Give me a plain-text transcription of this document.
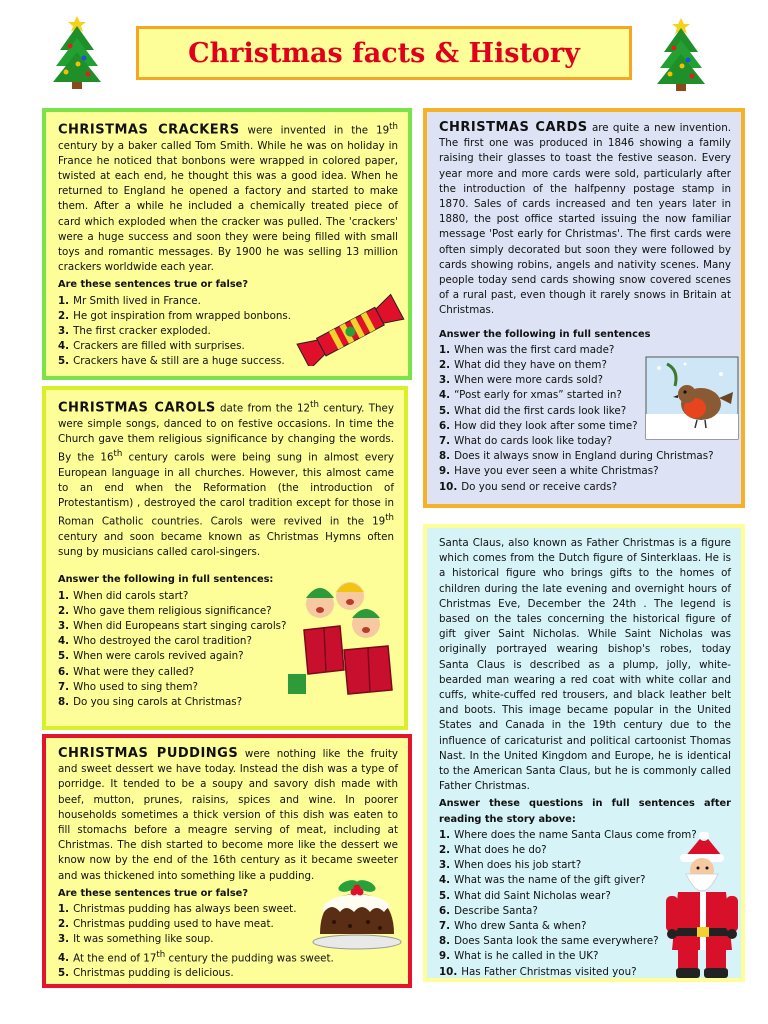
Christmas facts & History

CHRISTMAS CRACKERS were invented in the 19th century by a baker called Tom Smith. While he was on holiday in France he noticed that bonbons were wrapped in colored paper, twisted at each end, he thought this was a good idea. When he returned to England he opened a factory and started to make them. After a while he included a chemically treated piece of card which exploded when the cracker was pulled. The 'crackers' were a huge success and soon they were being filled with small toys and romantic messages. By 1900 he was selling 13 million crackers worldwide each year.

Are these sentences true or false?
1. Mr Smith lived in France.
2. He got inspiration from wrapped bonbons.
3. The first cracker exploded.
4. Crackers are filled with surprises.
5. Crackers have & still are a huge success.

CHRISTMAS CARDS are quite a new invention. The first one was produced in 1846 showing a family raising their glasses to toast the festive season. Every year more and more cards were sold, particularly after the introduction of the halfpenny postage stamp in 1870. Sales of cards increased and ten years later in 1880, the post office started issuing the now familiar message 'Post early for Christmas'. The first cards were often simply decorated but soon they were followed by cards showing robins, angels and nativity scenes. Many people today send cards showing snow covered scenes of a rural past, even though it rarely snows in Britain at Christmas.

Answer the following in full sentences
1. When was the first card made?
2. What did they have on them?
3. When were more cards sold?
4. “Post early for xmas” started in?
5. What did the first cards look like?
6. How did they look after some time?
7. What do cards look like today?
8. Does it always snow in England during Christmas?
9. Have you ever seen a white Christmas?
10. Do you send or receive cards?

CHRISTMAS CAROLS date from the 12th century. They were simple songs, danced to on festive occasions. In time the Church gave them religious significance by changing the words. By the 16th century carols were being sung in almost every European language in all churches. However, this almost came to an end when the Reformation (the introduction of Protestantism) , destroyed the carol tradition except for those in Roman Catholic countries. Carols were revived in the 19th century and soon became known as Christmas Hymns often sung by musicians called carol-singers.

Answer the following in full sentences:
1. When did carols start?
2. Who gave them religious significance?
3. When did Europeans start singing carols?
4. Who destroyed the carol tradition?
5. When were carols revived again?
6. What were they called?
7. Who used to sing them?
8. Do you sing carols at Christmas?

Santa Claus, also known as Father Christmas is a figure which comes from the Dutch figure of Sinterklaas. He is a historical figure who brings gifts to the homes of children during the late evening and overnight hours of Christmas Eve, December the 24th . The legend is based on the tales concerning the historical figure of gift giver Saint Nicholas. While Saint Nicholas was originally portrayed wearing bishop's robes, today Santa Claus is described as a plump, jolly, white-bearded man wearing a red coat with white collar and cuffs, white-cuffed red trousers, and black leather belt and boots. This image became popular in the United States and Canada in the 19th century due to the influence of caricaturist and political cartoonist Thomas Nast. In the United Kingdom and Europe, he is identical to the American Santa Claus, but he is commonly called Father Christmas.

Answer these questions in full sentences after reading the story above:
1. Where does the name Santa Claus come from?
2. What does he do?
3. When does his job start?
4. What was the name of the gift giver?
5. What did Saint Nicholas wear?
6. Describe Santa?
7. Who drew Santa & when?
8. Does Santa look the same everywhere?
9. What is he called in the UK?
10. Has Father Christmas visited you?

CHRISTMAS PUDDINGS were nothing like the fruity and sweet dessert we have today. Instead the dish was a type of porridge. It tended to be a soupy and savory dish made with beef, mutton, prunes, raisins, spices and wine. In poorer households sometimes a thick version of this dish was eaten to fill stomachs before a meagre serving of meat, including at Christmas. The dish started to become more like the dessert we know now by the end of the 16th century as it became sweeter and was thickened into something like a pudding.

Are these sentences true or false?
1. Christmas pudding has always been sweet.
2. Christmas pudding used to have meat.
3. It was something like soup.
4. At the end of 17th century the pudding was sweet.
5. Christmas pudding is delicious.
